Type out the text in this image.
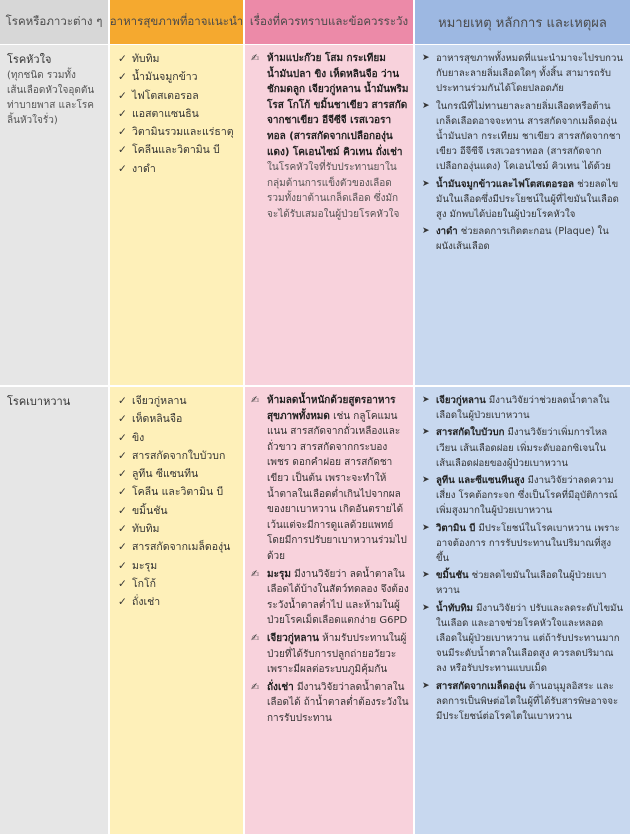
โรคหรือภาวะต่าง ๆ อาหารสุขภาพที่อาจแนะนำ เรื่องที่ควรทราบและข้อควรระวัง	หมายเหตุ หลักการ และเหตุผล
โรคหัวใจ
(ทุกชนิด รวมทั้งเส้นเลือดหัวใจอุดตัน ท่าบายพาส และโรคลิ้นหัวใจรั่ว)
✓ ทับทิม
✓ น้ำมันจมูกข้าว
✓ ไฟโตสเตอรอล
✓ แอสตาแซนธิน
✓ วิตามินรวมและแร่ธาตุ
✓ โคลีนและวิตามิน บี
✓ งาดำ
✍ ห้ามแปะก๊วย โสม กระเทียม น้ำมันปลา ขิง เห็ดหลินจือ ว่านชักมดลูก เจียวกู่หลาน น้ำมันพริมโรส โกโก้ ขมิ้นชาเขียว สารสกัดจากชาเขียว อีจีซีจี เรสเวอราทอล (สารสกัดจากเปลือกองุ่นแดง) โคเอนไซม์ คิวเทน ถั่งเช่า
ในโรคหัวใจที่รับประทานยาในกลุ่มต้านการแข็งตัวของเลือด รวมทั้งยาต้านเกล็ดเลือด ซึ่งมักจะได้รับเสมอในผู้ป่วยโรคหัวใจ
➤ อาหารสุขภาพทั้งหมดที่แนะนำมาจะไปรบกวนกับยาละลายลิ่มเลือดใดๆ ทั้งสิ้น สามารถรับประทานร่วมกันได้โดยปลอดภัย
➤ ในกรณีที่ไม่ทานยาละลายลิ่มเลือดหรือต้านเกล็ดเลือดอาจจะทาน สารสกัดจากเมล็ดองุ่น น้ำมันปลา กระเทียม ชาเขียว สารสกัดจากชาเขียว อีจีซีจี เรสเวอราทอล (สารสกัดจากเปลือกองุ่นแดง) โคเอนไซม์ คิวเทน ได้ด้วย
➤ น้ำมันจมูกข้าวและไฟโตสเตอรอล ช่วยลดไขมันในเลือดซึ่งมีประโยชน์ในผู้ที่ไขมันในเลือดสูง มักพบได้บ่อยในผู้ป่วยโรคหัวใจ
➤ งาดำ ช่วยลดการเกิดตะกอน (Plaque) ในผนังเส้นเลือด
โรคเบาหวาน	✓ เจียวกู่หลาน
✓ เห็ดหลินจือ
✓ ขิง
✓ สารสกัดจากใบบัวบก
✓ ลูทีน ซีแซนทีน
✓ โคลีน และวิตามิน บี
✓ ขมิ้นชัน
✓ ทับทิม
✓ สารสกัดจากเมล็ดองุ่น
✓ มะรุม
✓ โกโก้
✓ ถั่งเช่า
✍ ห้ามลดน้ำหนักด้วยสูตรอาหารสุขภาพทั้งหมด เช่น กลูโคแมนแนน สารสกัดจากถั่วเหลืองและถั่วขาว สารสกัดจากกระบองเพชร ดอกคำฝอย สารสกัดชาเขียว เป็นต้น เพราะจะทำให้น้ำตาลในเลือดต่ำเกินไปจากผลของยาเบาหวาน เกิดอันตรายได้ เว้นแต่จะมีการดูแลด้วยแพทย์โดยมีการปรับยาเบาหวานร่วมไปด้วย
✍ มะรุม มีงานวิจัยว่า ลดน้ำตาลในเลือดได้บ้างในสัตว์ทดลอง จึงต้องระวังน้ำตาลต่ำไป และห้ามในผู้ป่วยโรคเม็ดเลือดแตกง่าย G6PD
✍ เจียวกู่หลาน ห้ามรับประทานในผู้ป่วยที่ได้รับการปลูกถ่ายอวัยวะ เพราะมีผลต่อระบบภูมิคุ้มกัน
✍ ถั่งเช่า มีงานวิจัยว่าลดน้ำตาลในเลือดได้ ถ้าน้ำตาลต่ำต้องระวังในการรับประทาน
➤ เจียวกู่หลาน มีงานวิจัยว่าช่วยลดน้ำตาลในเลือดในผู้ป่วยเบาหวาน
➤ สารสกัดใบบัวบก มีงานวิจัยว่าเพิ่มการไหลเวียน เส้นเลือดฝอย เพิ่มระดับออกซิเจนในเส้นเลือดฝอยของผู้ป่วยเบาหวาน
➤ ลูทีน และซีแซนทีนสูง มีงานวิจัยว่าลดความเสี่ยง โรคต้อกระจก ซึ่งเป็นโรคที่มีอุบัติการณ์ เพิ่มสูงมากในผู้ป่วยเบาหวาน
➤ วิตามิน บี มีประโยชน์ในโรคเบาหวาน เพราะอาจต้องการ การรับประทานในปริมาณที่สูงขึ้น
➤ ขมิ้นชัน ช่วยลดไขมันในเลือดในผู้ป่วยเบาหวาน
➤ น้ำทับทิม มีงานวิจัยว่า ปรับและลดระดับไขมันในเลือด และอาจช่วยโรคหัวใจและหลอดเลือดในผู้ป่วยเบาหวาน แต่ถ้ารับประทานมากจนมีระดับน้ำตาลในเลือดสูง ควรลดปริมาณลง หรือรับประทานแบบเม็ด
➤ สารสกัดจากเมล็ดองุ่น ต้านอนุมูลอิสระ และลดการเป็นพิษต่อไตในผู้ที่ได้รับสารพิษอาจจะมีประโยชน์ต่อโรคไตในเบาหวาน
